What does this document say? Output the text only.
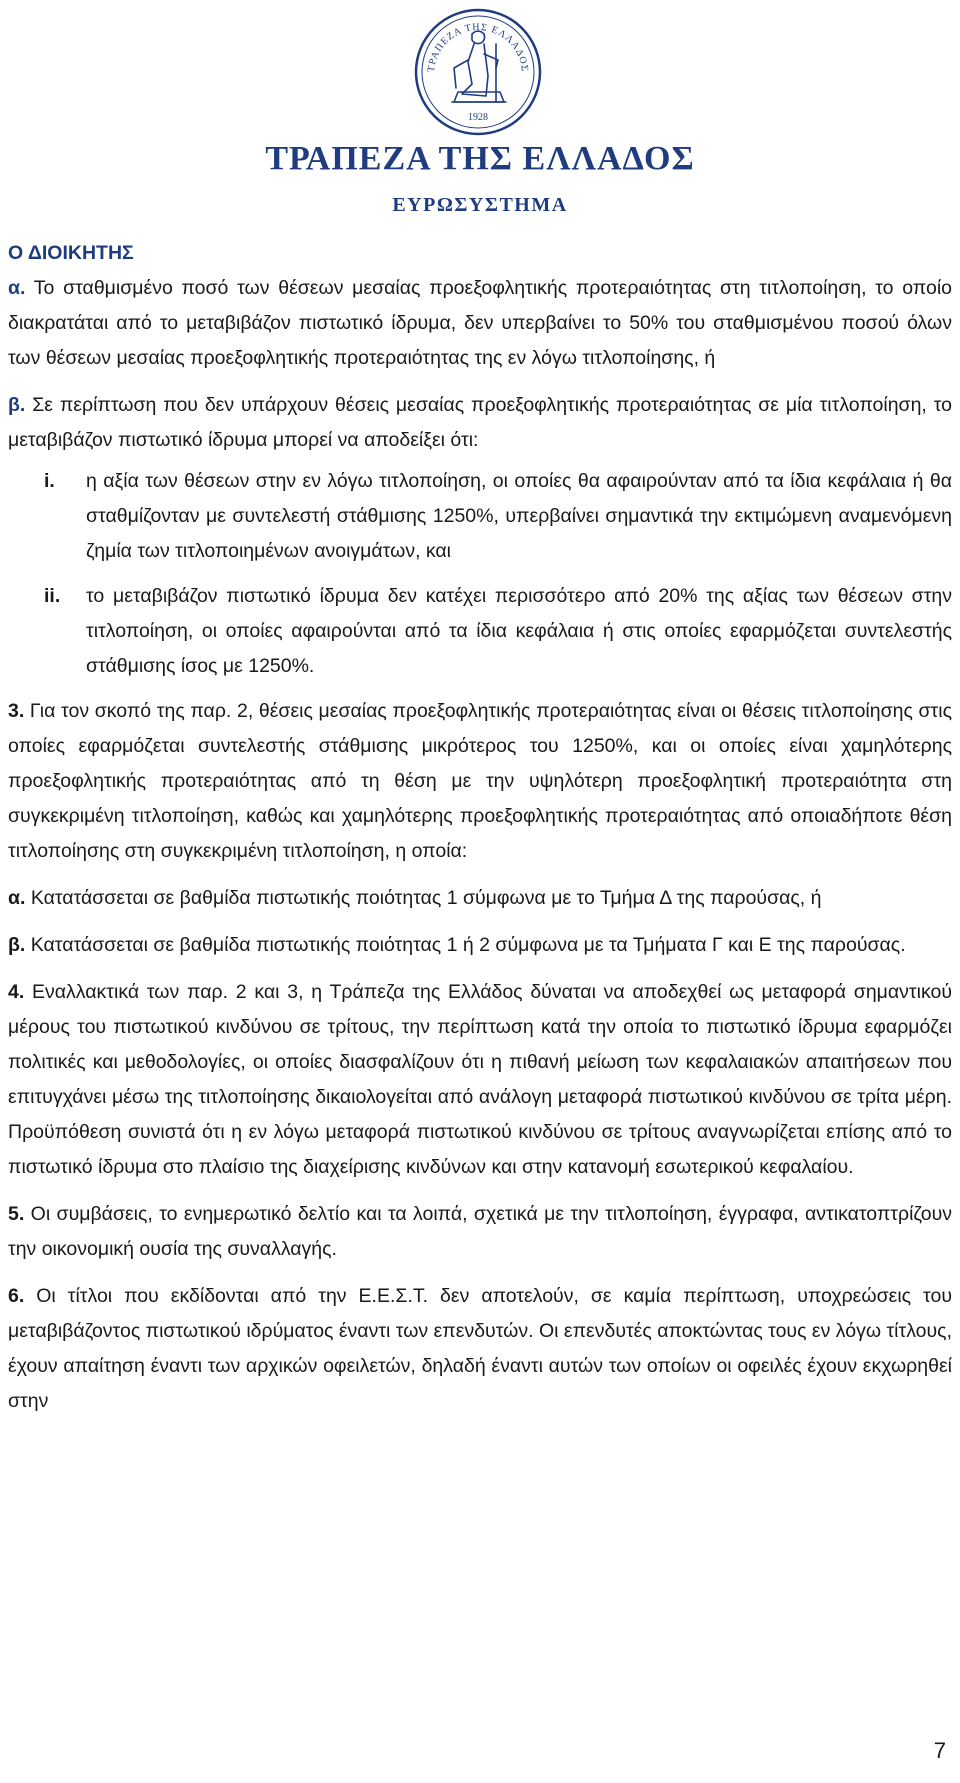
ΤΡΑΠΕΖΑ ΤΗΣ ΕΛΛΑΔΟΣ
1928
ΤΡΑΠΕΖΑ ΤΗΣ ΕΛΛΑΔΟΣ
ΕΥΡΩΣΥΣΤΗΜΑ

Ο ΔΙΟΙΚΗΤΗΣ

α. Το σταθμισμένο ποσό των θέσεων μεσαίας προεξοφλητικής προτεραιότητας στη τιτλοποίηση, το οποίο διακρατάται από το μεταβιβάζον πιστωτικό ίδρυμα, δεν υπερβαίνει το 50% του σταθμισμένου ποσού όλων των θέσεων μεσαίας προεξοφλητικής προτεραιότητας της εν λόγω τιτλοποίησης, ή

β. Σε περίπτωση που δεν υπάρχουν θέσεις μεσαίας προεξοφλητικής προτεραιότητας σε μία τιτλοποίηση, το μεταβιβάζον πιστωτικό ίδρυμα μπορεί να αποδείξει ότι:

i. η αξία των θέσεων στην εν λόγω τιτλοποίηση, οι οποίες θα αφαιρούνταν από τα ίδια κεφάλαια ή θα σταθμίζονταν με συντελεστή στάθμισης 1250%, υπερβαίνει σημαντικά την εκτιμώμενη αναμενόμενη ζημία των τιτλοποιημένων ανοιγμάτων, και
ii. το μεταβιβάζον πιστωτικό ίδρυμα δεν κατέχει περισσότερο από 20% της αξίας των θέσεων στην τιτλοποίηση, οι οποίες αφαιρούνται από τα ίδια κεφάλαια ή στις οποίες εφαρμόζεται συντελεστής στάθμισης ίσος με 1250%.

3. Για τον σκοπό της παρ. 2, θέσεις μεσαίας προεξοφλητικής προτεραιότητας είναι οι θέσεις τιτλοποίησης στις οποίες εφαρμόζεται συντελεστής στάθμισης μικρότερος του 1250%, και οι οποίες είναι χαμηλότερης προεξοφλητικής προτεραιότητας από τη θέση με την υψηλότερη προεξοφλητική προτεραιότητα στη συγκεκριμένη τιτλοποίηση, καθώς και χαμηλότερης προεξοφλητικής προτεραιότητας από οποιαδήποτε θέση τιτλοποίησης στη συγκεκριμένη τιτλοποίηση, η οποία:

α. Κατατάσσεται σε βαθμίδα πιστωτικής ποιότητας 1 σύμφωνα με το Τμήμα Δ της παρούσας, ή

β. Κατατάσσεται σε βαθμίδα πιστωτικής ποιότητας 1 ή 2 σύμφωνα με τα Τμήματα Γ και Ε της παρούσας.

4. Εναλλακτικά των παρ. 2 και 3, η Τράπεζα της Ελλάδος δύναται να αποδεχθεί ως μεταφορά σημαντικού μέρους του πιστωτικού κινδύνου σε τρίτους, την περίπτωση κατά την οποία το πιστωτικό ίδρυμα εφαρμόζει πολιτικές και μεθοδολογίες, οι οποίες διασφαλίζουν ότι η πιθανή μείωση των κεφαλαιακών απαιτήσεων που επιτυγχάνει μέσω της τιτλοποίησης δικαιολογείται από ανάλογη μεταφορά πιστωτικού κινδύνου σε τρίτα μέρη. Προϋπόθεση συνιστά ότι η εν λόγω μεταφορά πιστωτικού κινδύνου σε τρίτους αναγνωρίζεται επίσης από το πιστωτικό ίδρυμα στο πλαίσιο της διαχείρισης κινδύνων και στην κατανομή εσωτερικού κεφαλαίου.

5. Οι συμβάσεις, το ενημερωτικό δελτίο και τα λοιπά, σχετικά με την τιτλοποίηση, έγγραφα, αντικατοπτρίζουν την οικονομική ουσία της συναλλαγής.

6. Οι τίτλοι που εκδίδονται από την Ε.Ε.Σ.Τ. δεν αποτελούν, σε καμία περίπτωση, υποχρεώσεις του μεταβιβάζοντος πιστωτικού ιδρύματος έναντι των επενδυτών. Οι επενδυτές αποκτώντας τους εν λόγω τίτλους, έχουν απαίτηση έναντι των αρχικών οφειλετών, δηλαδή έναντι αυτών των οποίων οι οφειλές έχουν εκχωρηθεί στην

7
